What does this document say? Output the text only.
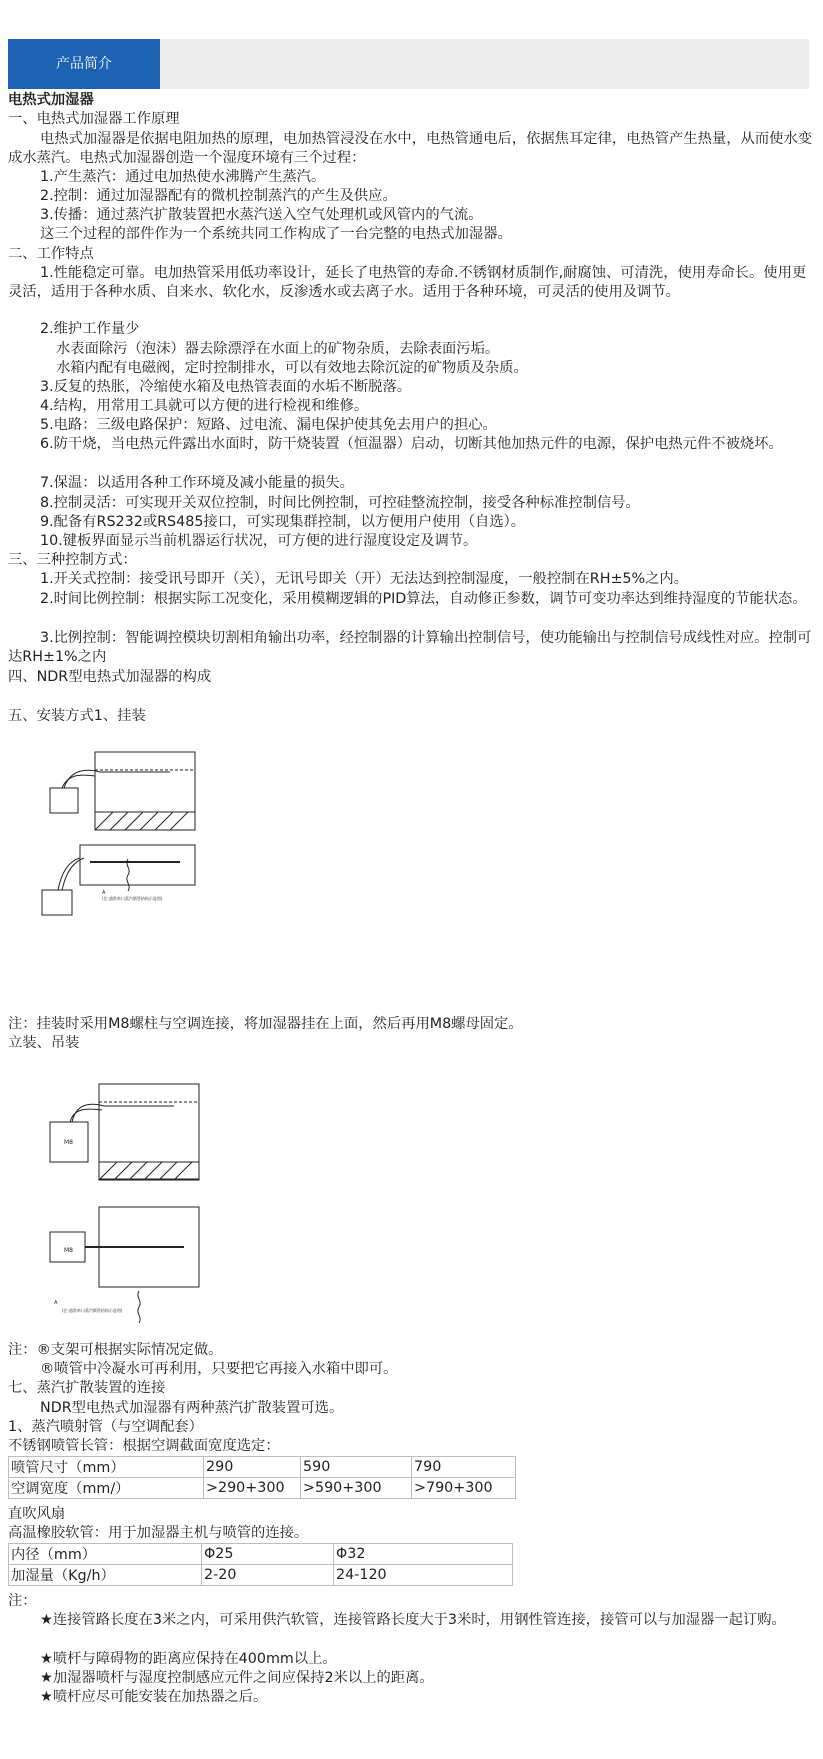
产品简介
电热式加湿器
一、电热式加湿器工作原理
电热式加湿器是依据电阻加热的原理，电加热管浸没在水中，电热管通电后，依据焦耳定律，电热管产生热量，从而使水变成水蒸汽。电热式加湿器创造一个湿度环境有三个过程：
1.产生蒸汽：通过电加热使水沸腾产生蒸汽。
2.控制：通过加湿器配有的微机控制蒸汽的产生及供应。
3.传播：通过蒸汽扩散装置把水蒸汽送入空气处理机或风管内的气流。
这三个过程的部件作为一个系统共同工作构成了一台完整的电热式加湿器。
二、工作特点
1.性能稳定可靠。电加热管采用低功率设计，延长了电热管的寿命.不锈钢材质制作,耐腐蚀、可清洗，使用寿命长。使用更灵活，适用于各种水质、自来水、软化水，反渗透水或去离子水。适用于各种环境，可灵活的使用及调节。
2.维护工作量少
水表面除污（泡沫）器去除漂浮在水面上的矿物杂质，去除表面污垢。
水箱内配有电磁阀，定时控制排水，可以有效地去除沉淀的矿物质及杂质。
3.反复的热胀，冷缩使水箱及电热管表面的水垢不断脱落。
4.结构，用常用工具就可以方便的进行检视和维修。
5.电路：三级电路保护：短路、过电流、漏电保护使其免去用户的担心。
6.防干烧，当电热元件露出水面时，防干烧装置（恒温器）启动，切断其他加热元件的电源，保护电热元件不被烧坏。
7.保温：以适用各种工作环境及减小能量的损失。
8.控制灵活：可实现开关双位控制，时间比例控制，可控硅整流控制，接受各种标准控制信号。
9.配备有RS232或RS485接口，可实现集群控制，以方便用户使用（自选）。
10.键板界面显示当前机器运行状况，可方便的进行湿度设定及调节。
三、三种控制方式：
1.开关式控制：接受讯号即开（关），无讯号即关（开）无法达到控制湿度，一般控制在RH±5%之内。
2.时间比例控制：根据实际工况变化，采用模糊逻辑的PID算法，自动修正参数，调节可变功率达到维持湿度的节能状态。
3.比例控制：智能调控模块切割相角输出功率，经控制器的计算输出控制信号，使功能输出与控制信号成线性对应。控制可达RH±1%之内
四、NDR型电热式加湿器的构成
五、安装方式1、挂装
(注:通常单口蒸汽喷管结构示意图)
A
注：挂装时采用M8螺柱与空调连接，将加湿器挂在上面，然后再用M8螺母固定。
立装、吊装
M8
M8
A
(注:通常单口蒸汽喷管结构示意图)
注：®支架可根据实际情况定做。
®喷管中冷凝水可再利用，只要把它再接入水箱中即可。
七、蒸汽扩散装置的连接
NDR型电热式加湿器有两种蒸汽扩散装置可选。
1、蒸汽喷射管（与空调配套）
不锈钢喷管长管：根据空调截面宽度选定：
喷管尺寸（mm）	290	590	790
空调宽度（mm/）	>290+300	>590+300	>790+300
直吹风扇
高温橡胶软管：用于加湿器主机与喷管的连接。
内径（mm）	Φ25	Φ32
加湿量（Kg/h）	2-20	24-120
注：
★连接管路长度在3米之内，可采用供汽软管，连接管路长度大于3米时，用钢性管连接，接管可以与加湿器一起订购。
★喷杆与障碍物的距离应保持在400mm以上。
★加湿器喷杆与湿度控制感应元件之间应保持2米以上的距离。
★喷杆应尽可能安装在加热器之后。
